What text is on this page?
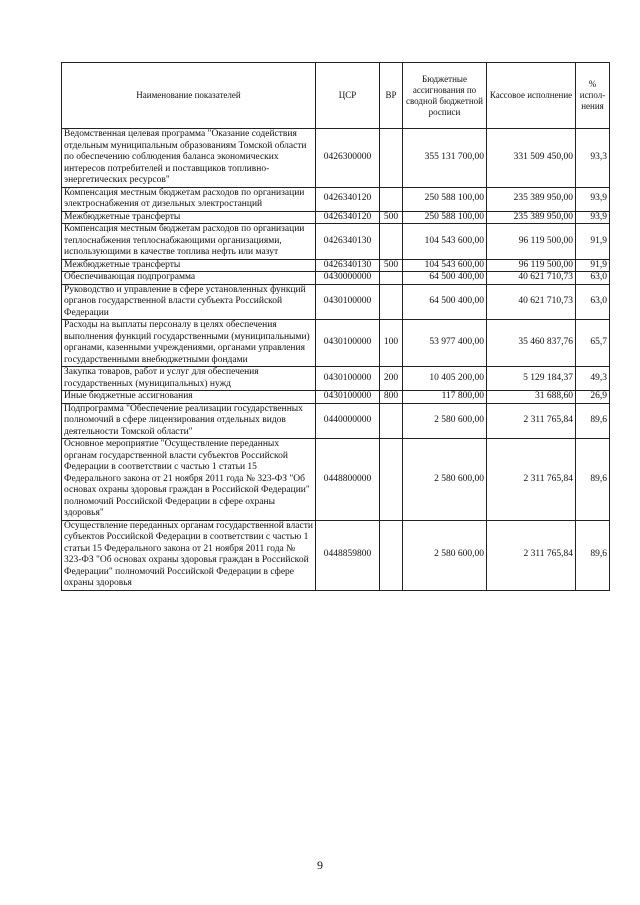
Наименование показателей	ЦСР	ВР	Бюджетные ассигнования по сводной бюджетной росписи	Кассовое исполнение	% испол-нения
Ведомственная целевая программа "Оказание содействия отдельным муниципальным образованиям Томской области по обеспечению соблюдения баланса экономических интересов потребителей и поставщиков топливно-энергетических ресурсов"	0426300000		355 131 700,00	331 509 450,00	93,3
Компенсация местным бюджетам расходов по организации электроснабжения от дизельных электростанций	0426340120		250 588 100,00	235 389 950,00	93,9
Межбюджетные трансферты	0426340120	500	250 588 100,00	235 389 950,00	93,9
Компенсация местным бюджетам расходов по организации теплоснабжения теплоснабжающими организациями, использующими в качестве топлива нефть или мазут	0426340130		104 543 600,00	96 119 500,00	91,9
Межбюджетные трансферты	0426340130	500	104 543 600,00	96 119 500,00	91,9
Обеспечивающая подпрограмма	0430000000		64 500 400,00	40 621 710,73	63,0
Руководство и управление в сфере установленных функций органов государственной власти субъекта Российской Федерации	0430100000		64 500 400,00	40 621 710,73	63,0
Расходы на выплаты персоналу в целях обеспечения выполнения функций государственными (муниципальными) органами, казенными учреждениями, органами управления государственными внебюджетными фондами	0430100000	100	53 977 400,00	35 460 837,76	65,7
Закупка товаров, работ и услуг для обеспечения государственных (муниципальных) нужд	0430100000	200	10 405 200,00	5 129 184,37	49,3
Иные бюджетные ассигнования	0430100000	800	117 800,00	31 688,60	26,9
Подпрограмма "Обеспечение реализации государственных полномочий в сфере лицензирования отдельных видов деятельности Томской области"	0440000000		2 580 600,00	2 311 765,84	89,6
Основное мероприятие "Осуществление переданных органам государственной власти субъектов Российской Федерации в соответствии с частью 1 статьи 15 Федерального закона от 21 ноября 2011 года № 323-ФЗ "Об основах охраны здоровья граждан в Российской Федерации" полномочий Российской Федерации в сфере охраны здоровья"	0448800000		2 580 600,00	2 311 765,84	89,6
Осуществление переданных органам государственной власти субъектов Российской Федерации в соответствии с частью 1 статьи 15 Федерального закона от 21 ноября 2011 года № 323-ФЗ "Об основах охраны здоровья граждан в Российской Федерации" полномочий Российской Федерации в сфере охраны здоровья	0448859800		2 580 600,00	2 311 765,84	89,6
9
